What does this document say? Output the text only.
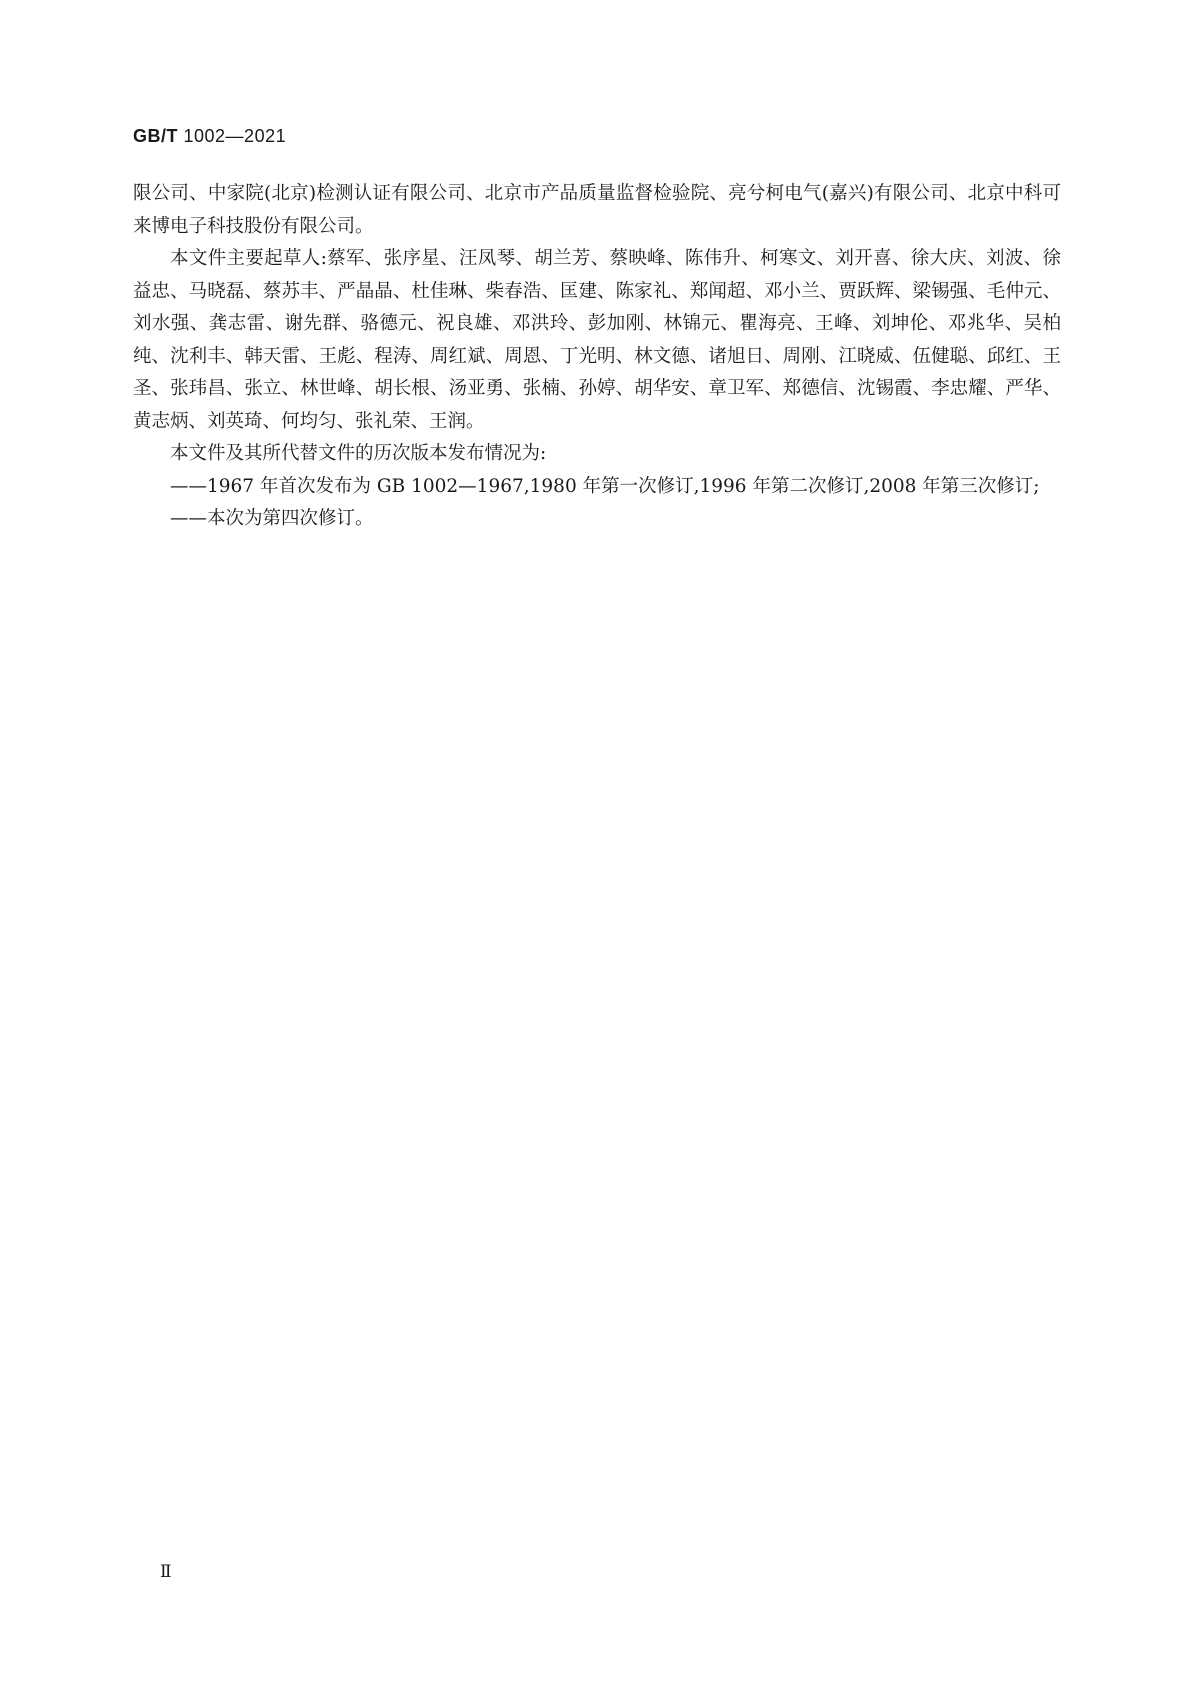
GB/T 1002—2021

限公司、中家院(北京)检测认证有限公司、北京市产品质量监督检验院、亮兮柯电气(嘉兴)有限公司、北京中科可来博电子科技股份有限公司。

本文件主要起草人:蔡军、张序星、汪凤琴、胡兰芳、蔡映峰、陈伟升、柯寒文、刘开喜、徐大庆、刘波、徐益忠、马晓磊、蔡苏丰、严晶晶、杜佳琳、柴春浩、匡建、陈家礼、郑闻超、邓小兰、贾跃辉、梁锡强、毛仲元、刘水强、龚志雷、谢先群、骆德元、祝良雄、邓洪玲、彭加刚、林锦元、瞿海亮、王峰、刘坤伦、邓兆华、吴柏纯、沈利丰、韩天雷、王彪、程涛、周红斌、周恩、丁光明、林文德、诸旭日、周刚、江晓威、伍健聪、邱红、王圣、张玮昌、张立、林世峰、胡长根、汤亚勇、张楠、孙婷、胡华安、章卫军、郑德信、沈锡霞、李忠耀、严华、黄志炳、刘英琦、何均匀、张礼荣、王润。

本文件及其所代替文件的历次版本发布情况为:

——1967 年首次发布为 GB 1002—1967,1980 年第一次修订,1996 年第二次修订,2008 年第三次修订;

——本次为第四次修订。

Ⅱ
